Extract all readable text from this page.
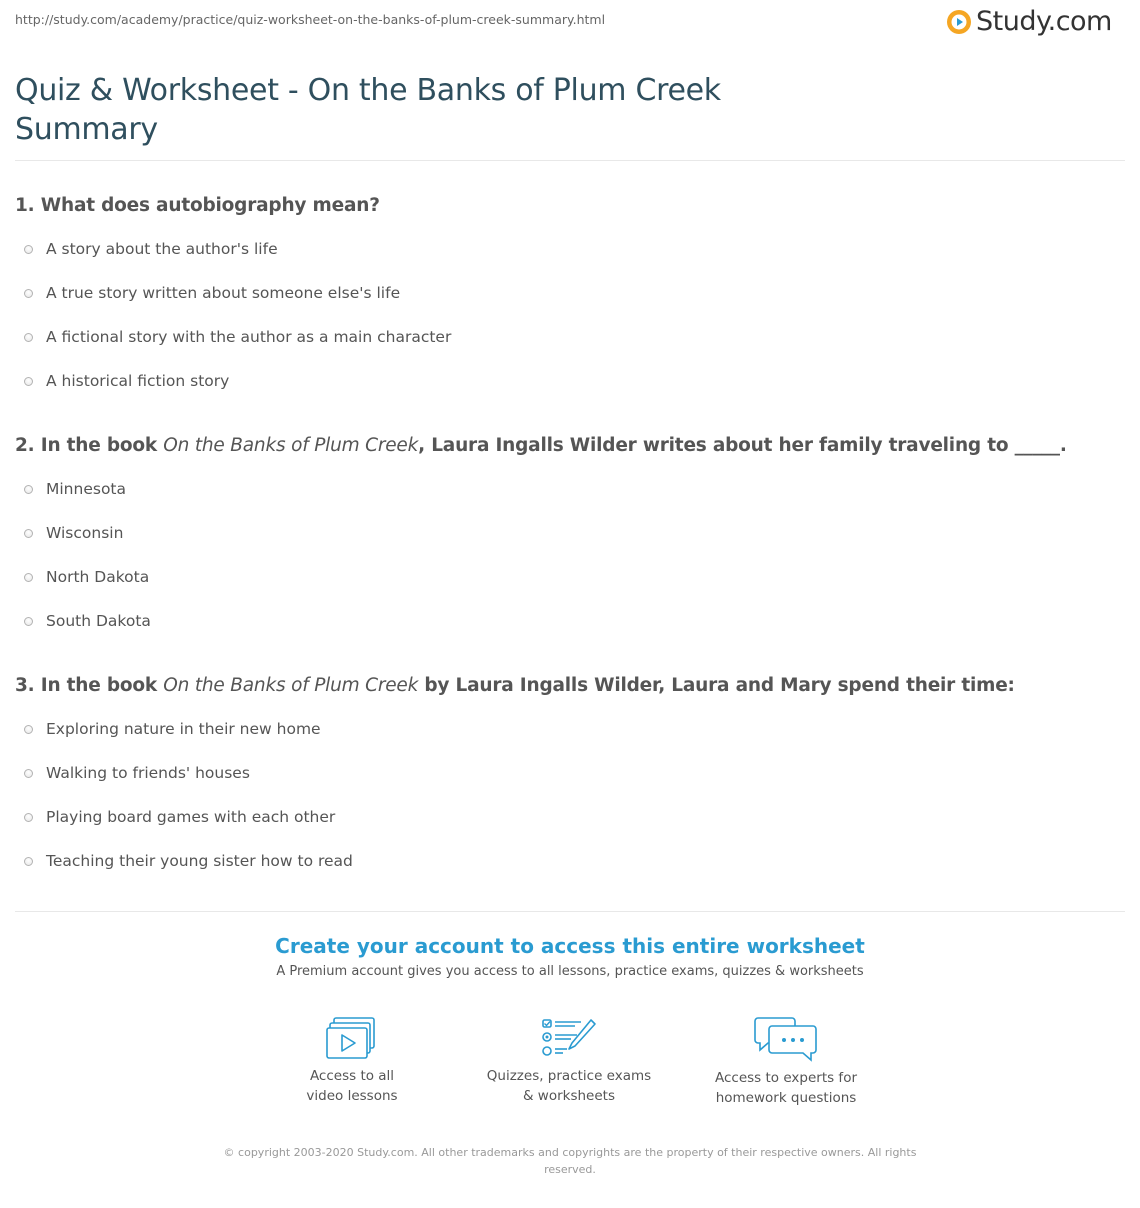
http://study.com/academy/practice/quiz-worksheet-on-the-banks-of-plum-creek-summary.html	Study.com
Quiz & Worksheet - On the Banks of Plum Creek Summary
1. What does autobiography mean?
A story about the author's life
A true story written about someone else's life
A fictional story with the author as a main character
A historical fiction story
2. In the book On the Banks of Plum Creek, Laura Ingalls Wilder writes about her family traveling to _____.
Minnesota
Wisconsin
North Dakota
South Dakota
3. In the book On the Banks of Plum Creek by Laura Ingalls Wilder, Laura and Mary spend their time:
Exploring nature in their new home
Walking to friends' houses
Playing board games with each other
Teaching their young sister how to read
Create your account to access this entire worksheet
A Premium account gives you access to all lessons, practice exams, quizzes & worksheets
Access to all
video lessons
Quizzes, practice exams
& worksheets
Access to experts for
homework questions
© copyright 2003-2020 Study.com. All other trademarks and copyrights are the property of their respective owners. All rights reserved.
